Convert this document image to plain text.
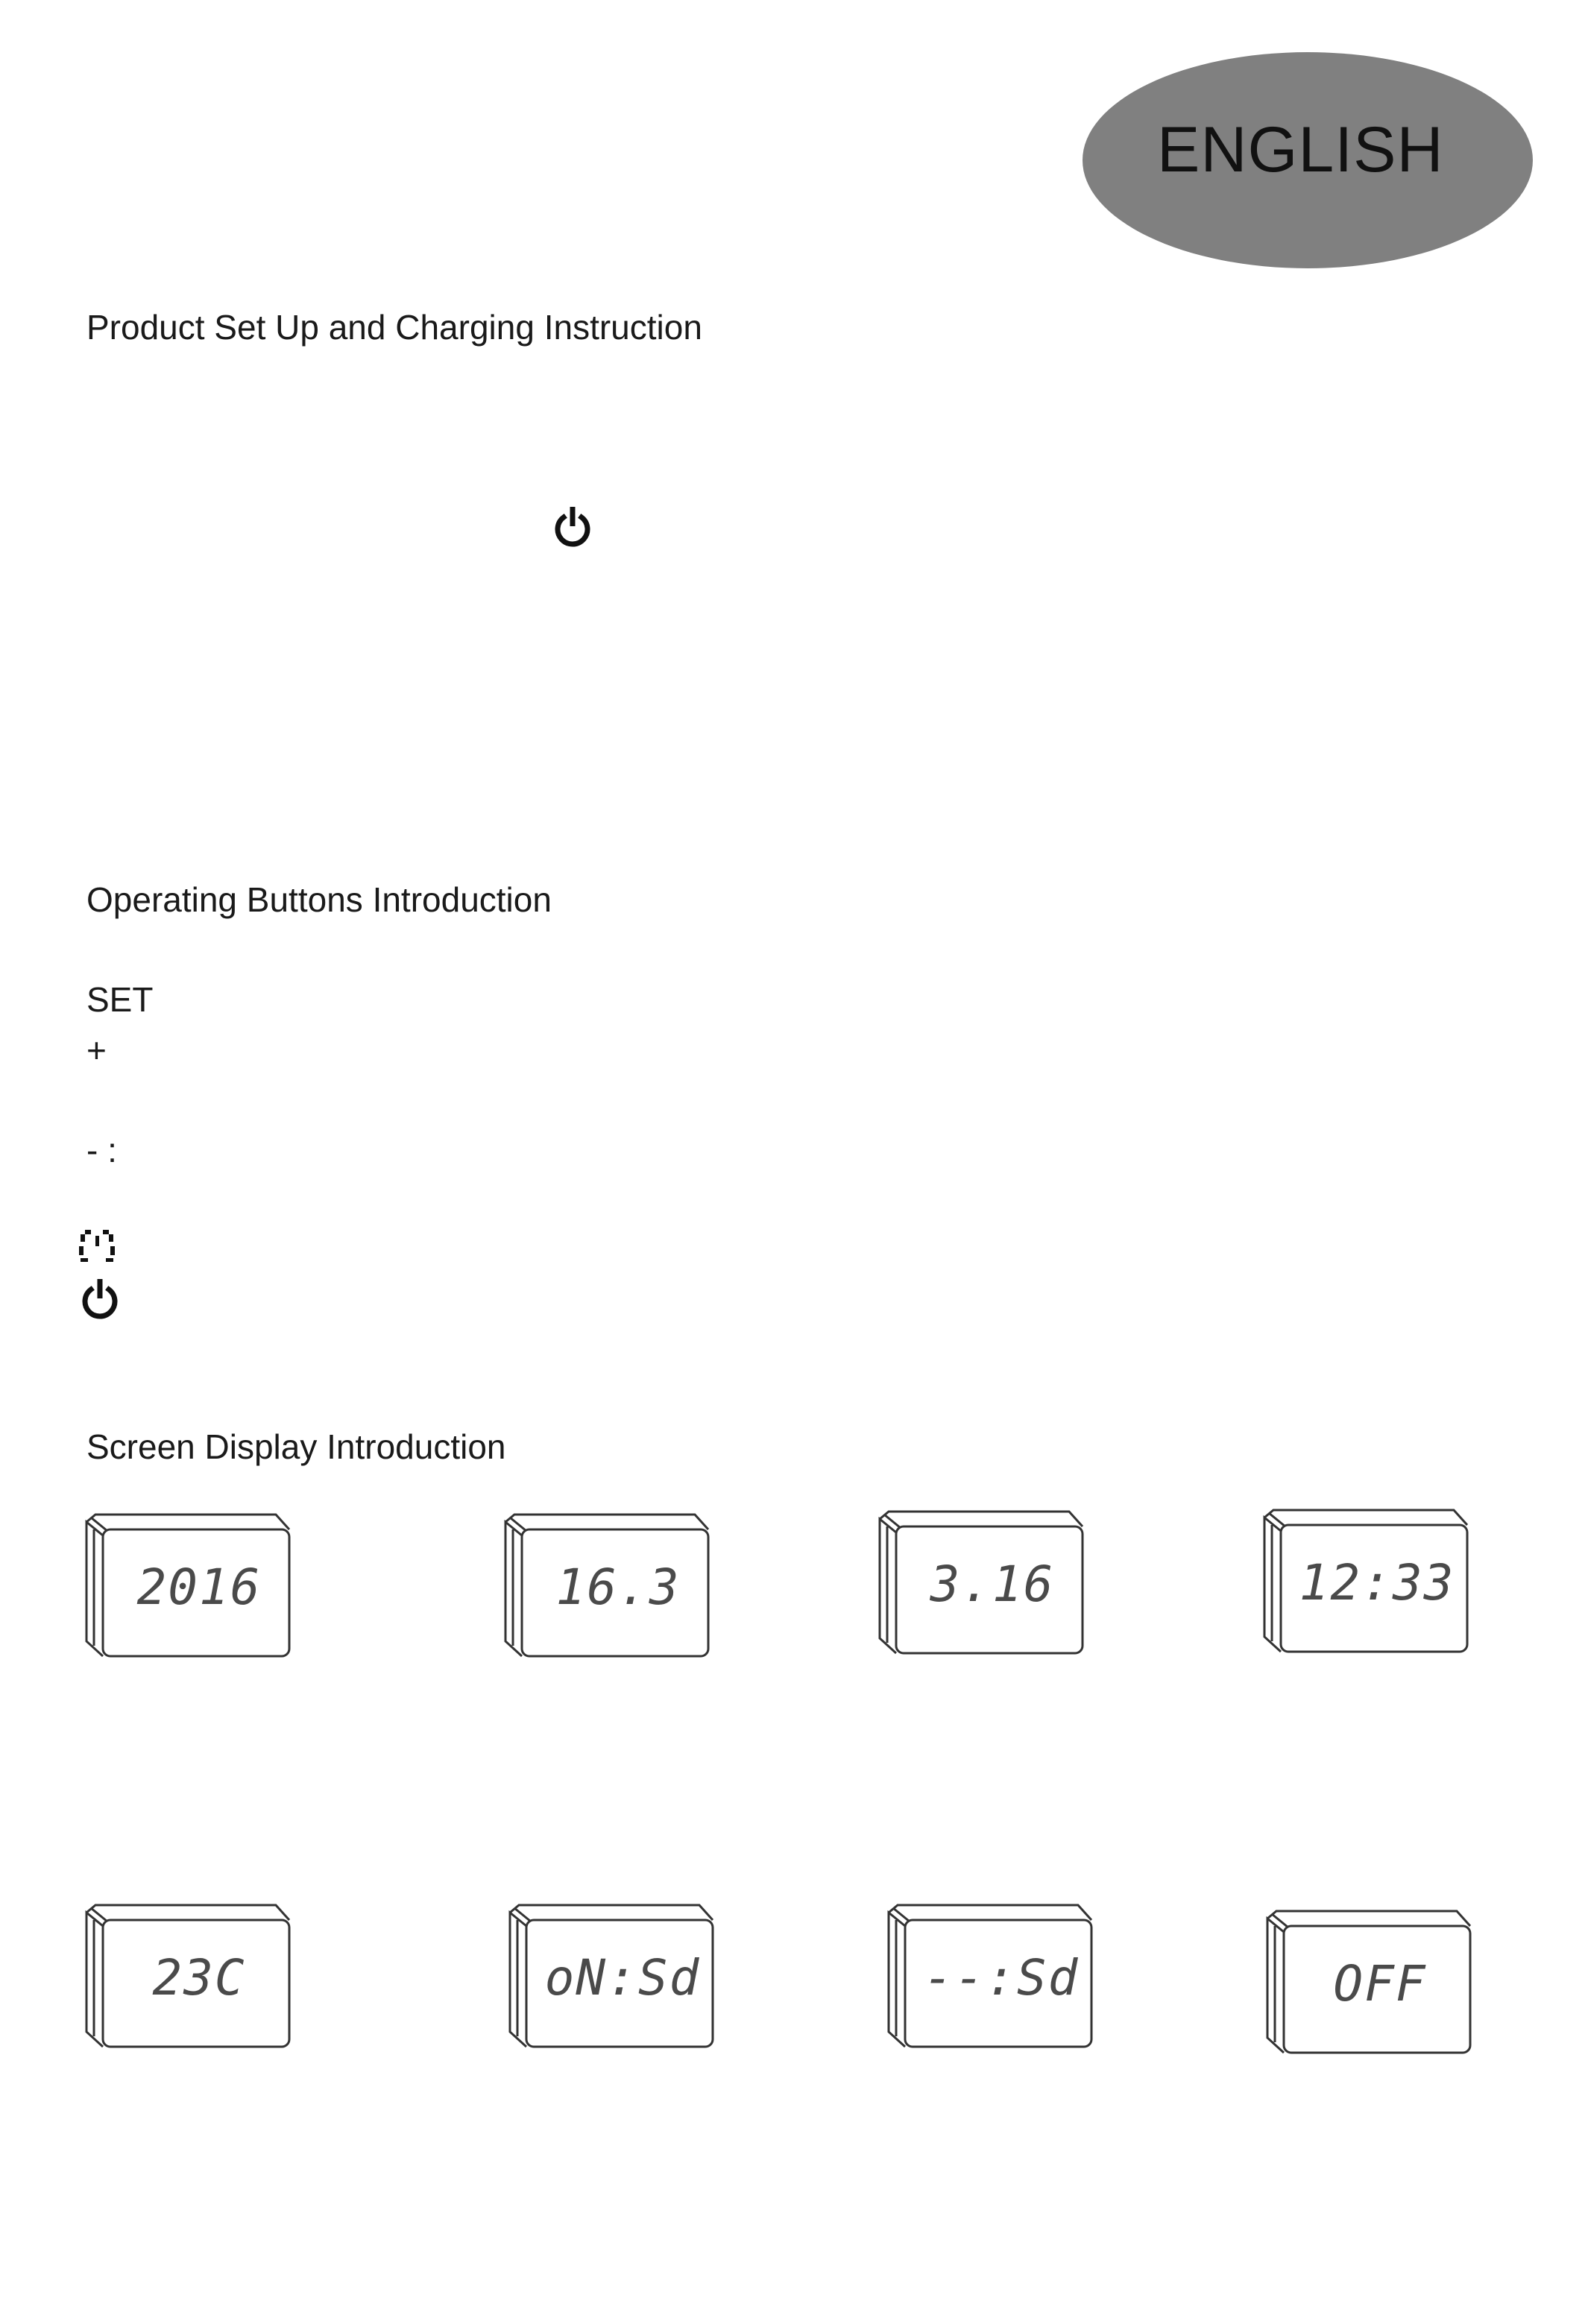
ENGLISH
Product Set Up and Charging Instruction
Operating Buttons Introduction
SET
+
- :
Screen Display Introduction
2016	16.3	3.16	12:33
23C	oN:Sd	--:Sd	OFF
